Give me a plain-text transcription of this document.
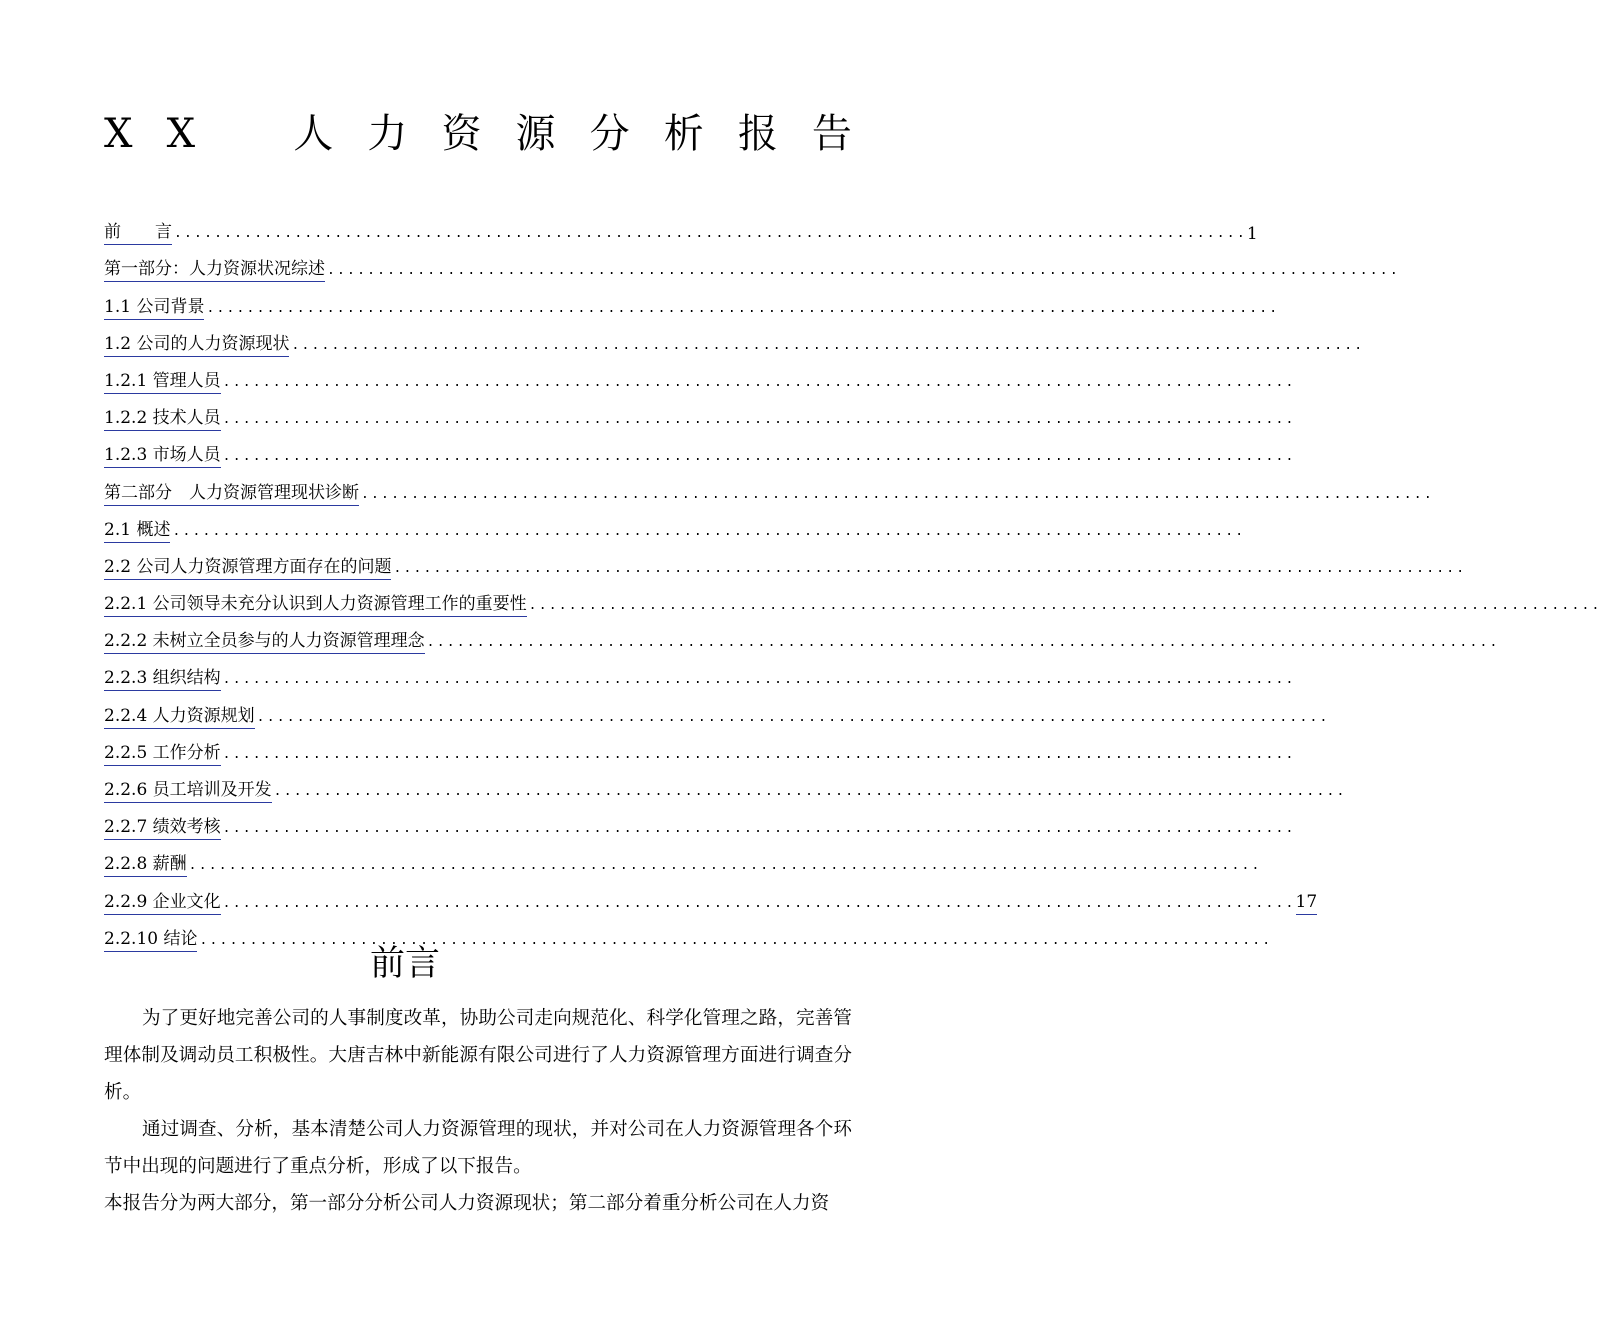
X X 人 力 资 源 分 析 报 告
前　　言 ........................................................................................................... 1
第一部分：人力资源状况综述 ...........................................................................................................
1.1 公司背景 ...........................................................................................................
1.2 公司的人力资源现状 ...........................................................................................................
1.2.1 管理人员 ...........................................................................................................
1.2.2 技术人员 ...........................................................................................................
1.2.3 市场人员 ...........................................................................................................
第二部分　人力资源管理现状诊断 ...........................................................................................................
2.1 概述 ...........................................................................................................
2.2 公司人力资源管理方面存在的问题 ...........................................................................................................
2.2.1 公司领导未充分认识到人力资源管理工作的重要性 ...........................................................................................................
2.2.2 未树立全员参与的人力资源管理理念 ...........................................................................................................
2.2.3 组织结构 ...........................................................................................................
2.2.4 人力资源规划 ...........................................................................................................
2.2.5 工作分析 ...........................................................................................................
2.2.6 员工培训及开发 ...........................................................................................................
2.2.7 绩效考核 ...........................................................................................................
2.2.8 薪酬 ...........................................................................................................
2.2.9 企业文化 ........................................................................................................... 17
2.2.10 结论 ...........................................................................................................
前言

为了更好地完善公司的人事制度改革，协助公司走向规范化、科学化管理之路，完善管理体制及调动员工积极性。大唐吉林中新能源有限公司进行了人力资源管理方面进行调查分析。

通过调查、分析，基本清楚公司人力资源管理的现状，并对公司在人力资源管理各个环节中出现的问题进行了重点分析，形成了以下报告。

本报告分为两大部分，第一部分分析公司人力资源现状；第二部分着重分析公司在人力资
